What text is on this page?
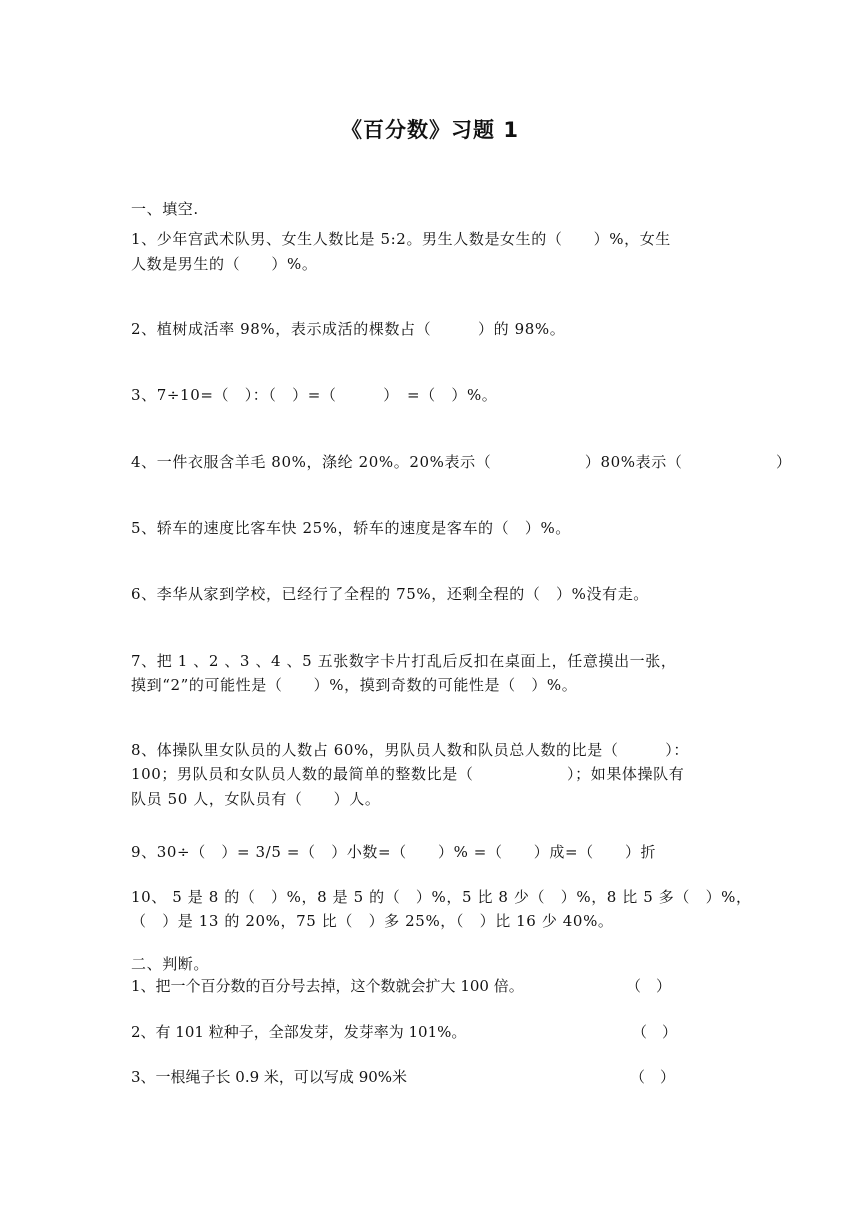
《百分数》习题 1
一、填空.
1、少年宫武术队男、女生人数比是 5:2。男生人数是女生的（　　）%，女生
人数是男生的（　　）%。
2、植树成活率 98%，表示成活的棵数占（　　　）的 98%。
3、7÷10=（　）：（　）=（　　　）　=（　）%。
4、一件衣服含羊毛 80%，涤纶 20%。20%表示（　　　　　　）80%表示（　　　　　　）
5、轿车的速度比客车快 25%，轿车的速度是客车的（　）%。
6、李华从家到学校，已经行了全程的 75%，还剩全程的（　）%没有走。
7、把 1 、2 、3 、4 、5 五张数字卡片打乱后反扣在桌面上，任意摸出一张，
摸到“2”的可能性是（　　）%，摸到奇数的可能性是（　）%。
8、体操队里女队员的人数占 60%，男队员人数和队员总人数的比是（　　　）：
100；男队员和女队员人数的最简单的整数比是（　　　　　　）；如果体操队有
队员 50 人，女队员有（　　）人。
9、30÷（　）= 3/5 =（　）小数=（　　）% =（　　）成=（　　）折
10、 5 是 8 的（　）%，8 是 5 的（　）%，5 比 8 少（　）%，8 比 5 多（　）%，
（　）是 13 的 20%，75 比（　）多 25%，（　）比 16 少 40%。
二、判断。
1、把一个百分数的百分号去掉，这个数就会扩大 100 倍。	（　）
2、有 101 粒种子，全部发芽，发芽率为 101%。	（　）
3、一根绳子长 0.9 米，可以写成 90%米	（　）
